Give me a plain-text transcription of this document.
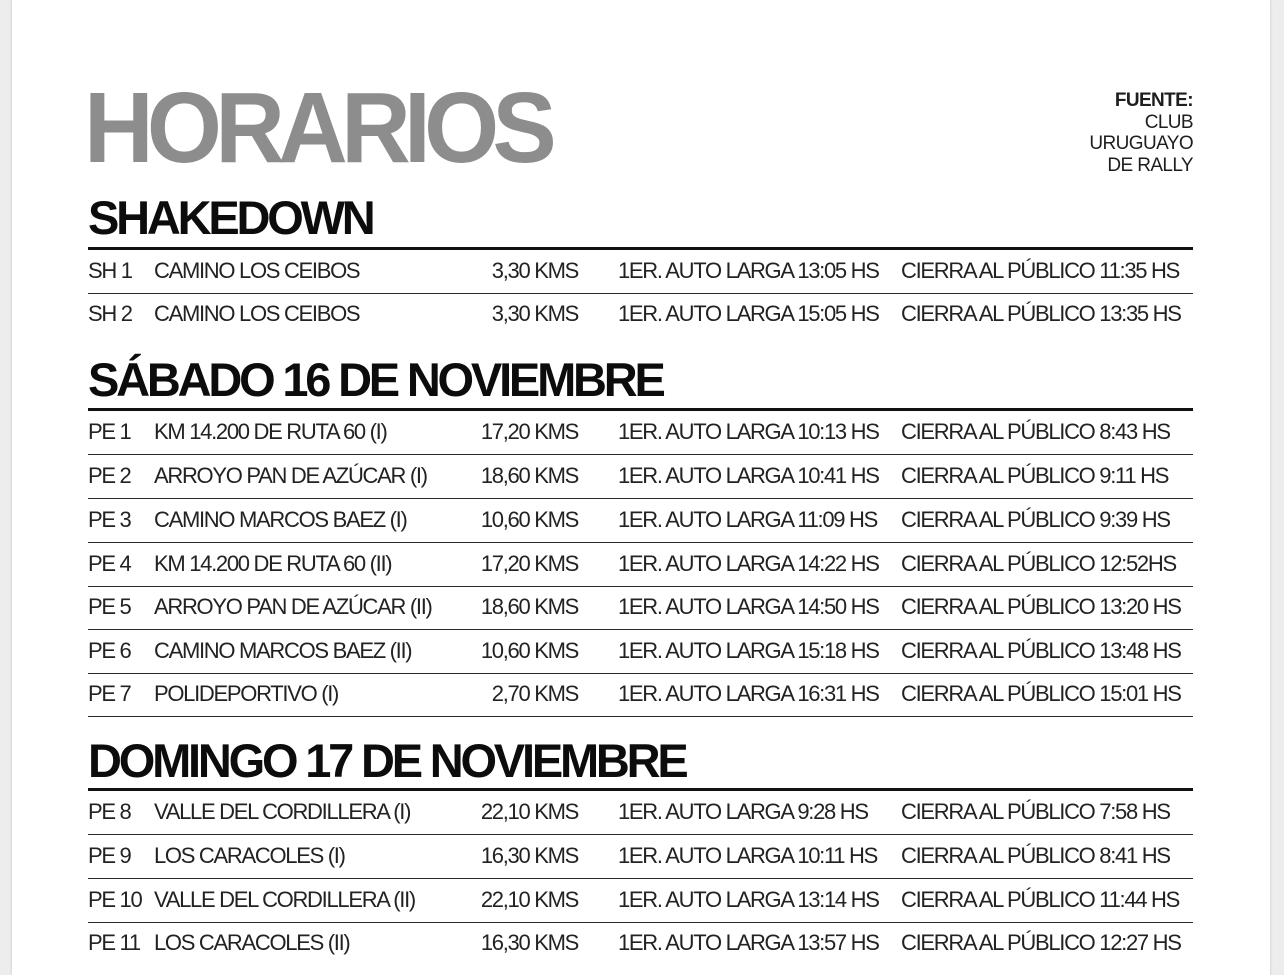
HORARIOS	FUENTE:
CLUB
URUGUAYO
DE RALLY
SHAKEDOWN
SH 1 CAMINO LOS CEIBOS	3,30 KMS 1ER. AUTO LARGA 13:05 HS CIERRA AL PÚBLICO 11:35 HS
SH 2 CAMINO LOS CEIBOS	3,30 KMS 1ER. AUTO LARGA 15:05 HS CIERRA AL PÚBLICO 13:35 HS
SÁBADO 16 DE NOVIEMBRE
PE 1 KM 14.200 DE RUTA 60 (I)	17,20 KMS 1ER. AUTO LARGA 10:13 HS CIERRA AL PÚBLICO 8:43 HS
PE 2 ARROYO PAN DE AZÚCAR (I) 18,60 KMS 1ER. AUTO LARGA 10:41 HS CIERRA AL PÚBLICO 9:11 HS
PE 3 CAMINO MARCOS BAEZ (I)	10,60 KMS 1ER. AUTO LARGA 11:09 HS CIERRA AL PÚBLICO 9:39 HS
PE 4 KM 14.200 DE RUTA 60 (II)	17,20 KMS 1ER. AUTO LARGA 14:22 HS CIERRA AL PÚBLICO 12:52HS
PE 5 ARROYO PAN DE AZÚCAR (II) 18,60 KMS 1ER. AUTO LARGA 14:50 HS CIERRA AL PÚBLICO 13:20 HS
PE 6 CAMINO MARCOS BAEZ (II)	10,60 KMS 1ER. AUTO LARGA 15:18 HS CIERRA AL PÚBLICO 13:48 HS
PE 7 POLIDEPORTIVO (I)	2,70 KMS 1ER. AUTO LARGA 16:31 HS CIERRA AL PÚBLICO 15:01 HS
DOMINGO 17 DE NOVIEMBRE
PE 8 VALLE DEL CORDILLERA (I)	22,10 KMS 1ER. AUTO LARGA 9:28 HS CIERRA AL PÚBLICO 7:58 HS
PE 9 LOS CARACOLES (I)	16,30 KMS 1ER. AUTO LARGA 10:11 HS CIERRA AL PÚBLICO 8:41 HS
PE 10 VALLE DEL CORDILLERA (II)	22,10 KMS 1ER. AUTO LARGA 13:14 HS CIERRA AL PÚBLICO 11:44 HS
PE 11 LOS CARACOLES (II)	16,30 KMS 1ER. AUTO LARGA 13:57 HS CIERRA AL PÚBLICO 12:27 HS
